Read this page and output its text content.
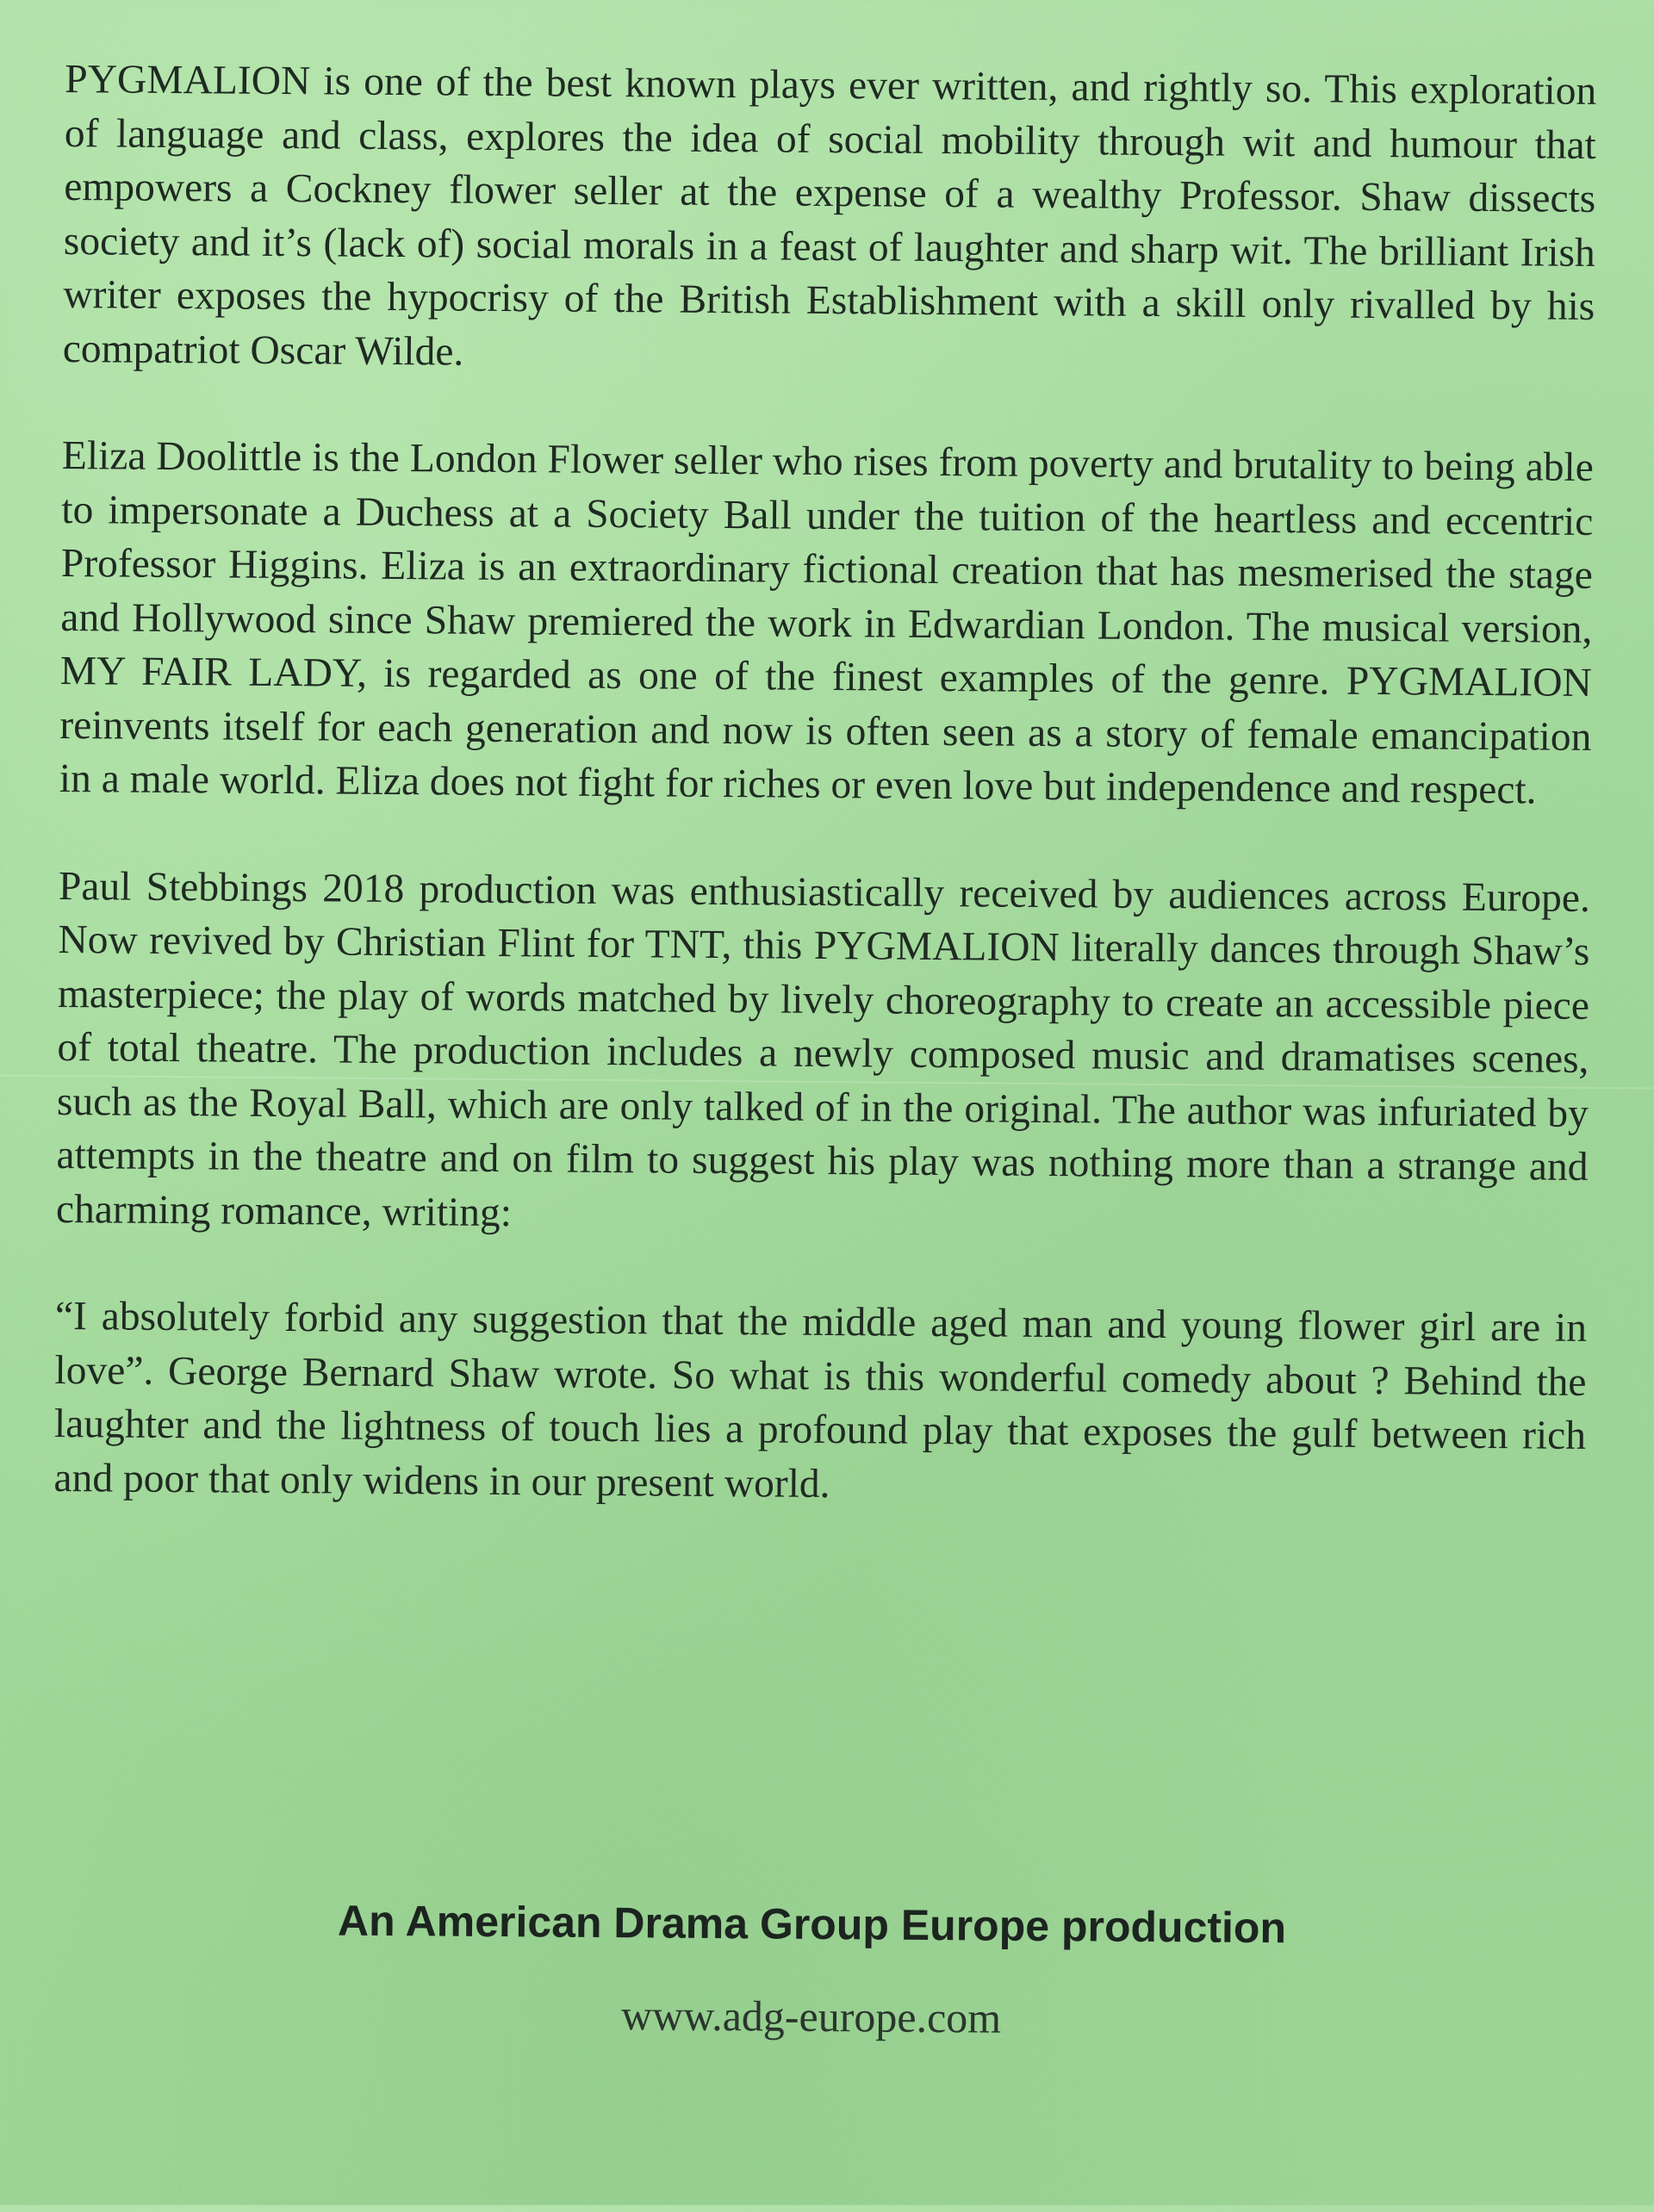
PYGMALION is one of the best known plays ever written, and rightly so. This exploration of language and class, explores the idea of social mobility through wit and humour that empowers a Cockney flower seller at the expense of a wealthy Professor. Shaw dissects society and it’s (lack of) social morals in a feast of laughter and sharp wit. The brilliant Irish writer exposes the hypocrisy of the British Establishment with a skill only rivalled by his compatriot Oscar Wilde.

Eliza Doolittle is the London Flower seller who rises from poverty and brutality to being able to impersonate a Duchess at a Society Ball under the tuition of the heartless and eccentric Professor Higgins. Eliza is an extraordinary fictional creation that has mesmerised the stage and Hollywood since Shaw premiered the work in Edwardian London. The musical version, MY FAIR LADY, is regarded as one of the finest examples of the genre. PYGMALION reinvents itself for each generation and now is often seen as a story of female emancipation in a male world. Eliza does not fight for riches or even love but independence and respect.

Paul Stebbings 2018 production was enthusiastically received by audiences across Europe. Now revived by Christian Flint for TNT, this PYGMALION literally dances through Shaw’s masterpiece; the play of words matched by lively choreography to create an accessible piece of total theatre. The production includes a newly composed music and dramatises scenes, such as the Royal Ball, which are only talked of in the original. The author was infuriated by attempts in the theatre and on film to suggest his play was nothing more than a strange and charming romance, writing:

“I absolutely forbid any suggestion that the middle aged man and young flower girl are in love”. George Bernard Shaw wrote. So what is this wonderful comedy about ? Behind the laughter and the lightness of touch lies a profound play that exposes the gulf between rich and poor that only widens in our present world.

An American Drama Group Europe production
www.adg-europe.com
